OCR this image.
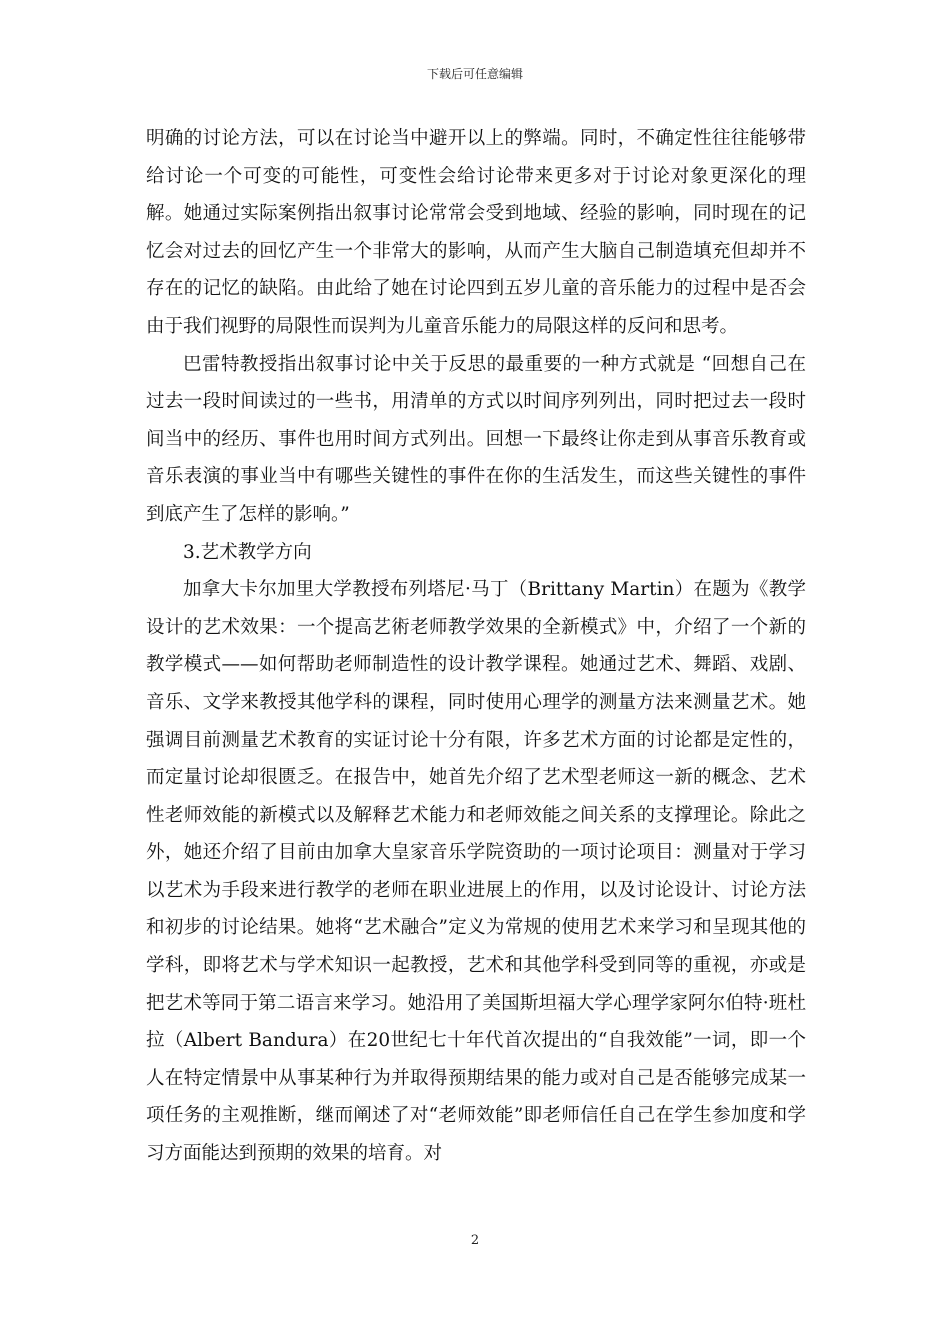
下载后可任意编辑

明确的讨论方法，可以在讨论当中避开以上的弊端。同时，不确定性往往能够带给讨论一个可变的可能性，可变性会给讨论带来更多对于讨论对象更深化的理解。她通过实际案例指出叙事讨论常常会受到地域、经验的影响，同时现在的记忆会对过去的回忆产生一个非常大的影响，从而产生大脑自己制造填充但却并不存在的记忆的缺陷。由此给了她在讨论四到五岁儿童的音乐能力的过程中是否会由于我们视野的局限性而误判为儿童音乐能力的局限这样的反问和思考。

巴雷特教授指出叙事讨论中关于反思的最重要的一种方式就是 “回想自己在过去一段时间读过的一些书，用清单的方式以时间序列列出，同时把过去一段时间当中的经历、事件也用时间方式列出。回想一下最终让你走到从事音乐教育或音乐表演的事业当中有哪些关键性的事件在你的生活发生，而这些关键性的事件到底产生了怎样的影响。”

3.艺术教学方向

加拿大卡尔加里大学教授布列塔尼·马丁（Brittany Martin）在题为《教学设计的艺术效果：一个提高艺術老师教学效果的全新模式》中，介绍了一个新的教学模式——如何帮助老师制造性的设计教学课程。她通过艺术、舞蹈、戏剧、音乐、文学来教授其他学科的课程，同时使用心理学的测量方法来测量艺术。她强调目前测量艺术教育的实证讨论十分有限，许多艺术方面的讨论都是定性的，而定量讨论却很匮乏。在报告中，她首先介绍了艺术型老师这一新的概念、艺术性老师效能的新模式以及解释艺术能力和老师效能之间关系的支撑理论。除此之外，她还介绍了目前由加拿大皇家音乐学院资助的一项讨论项目：测量对于学习以艺术为手段来进行教学的老师在职业进展上的作用，以及讨论设计、讨论方法和初步的讨论结果。她将“艺术融合”定义为常规的使用艺术来学习和呈现其他的学科，即将艺术与学术知识一起教授，艺术和其他学科受到同等的重视，亦或是把艺术等同于第二语言来学习。她沿用了美国斯坦福大学心理学家阿尔伯特·班杜拉（Albert Bandura）在20世纪七十年代首次提出的“自我效能”一词，即一个人在特定情景中从事某种行为并取得预期结果的能力或对自己是否能够完成某一项任务的主观推断，继而阐述了对“老师效能”即老师信任自己在学生参加度和学习方面能达到预期的效果的培育。对

2
